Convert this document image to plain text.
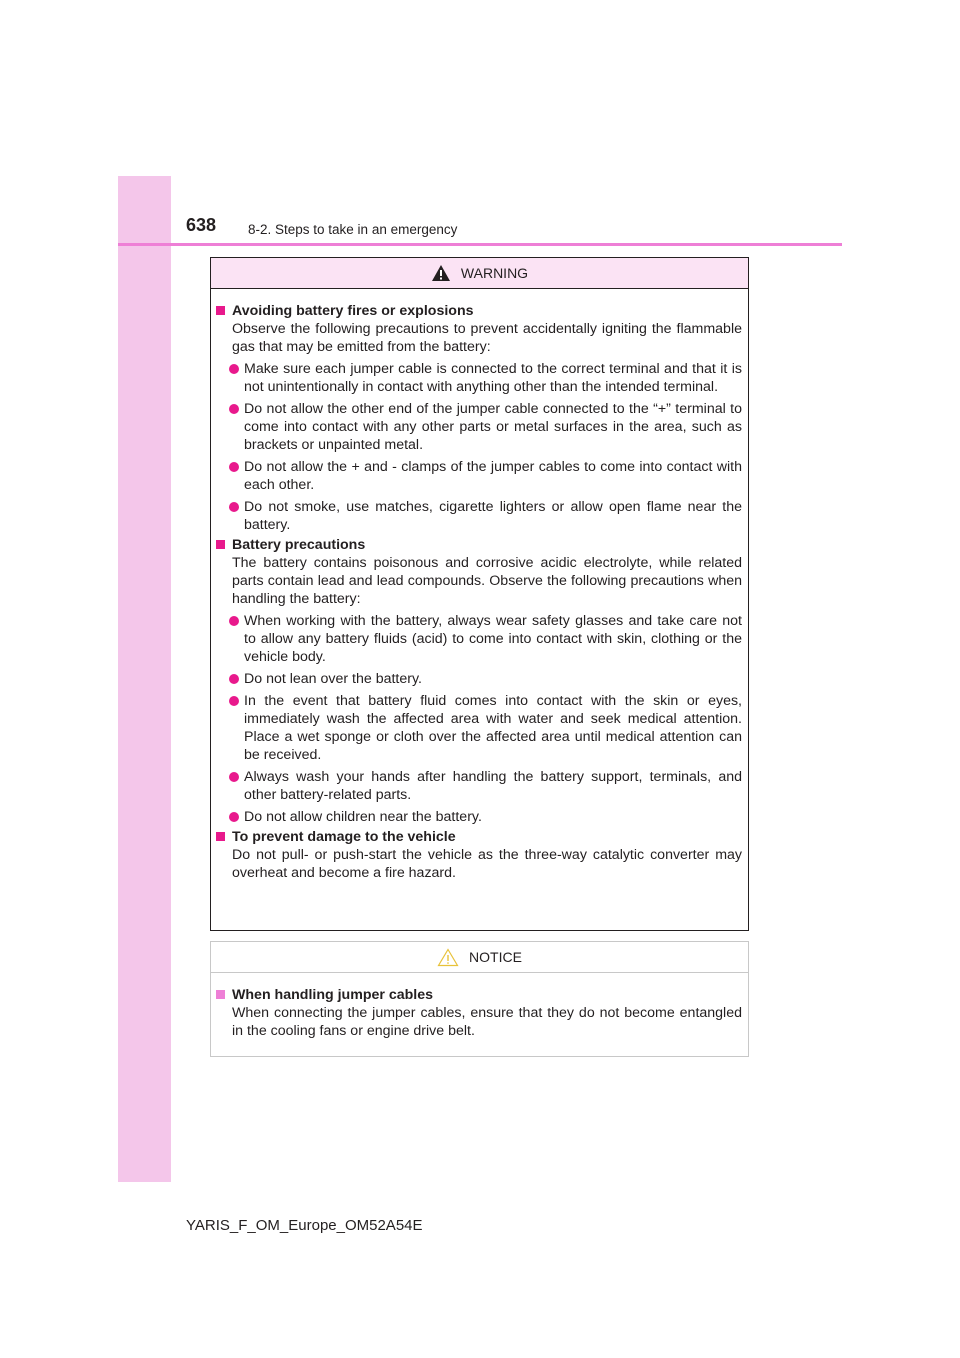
638 8-2. Steps to take in an emergency
WARNING
Avoiding battery fires or explosions
Observe the following precautions to prevent accidentally igniting the flammable gas that may be emitted from the battery:
Make sure each jumper cable is connected to the correct terminal and that it is not unintentionally in contact with anything other than the intended terminal.
Do not allow the other end of the jumper cable connected to the “+” terminal to come into contact with any other parts or metal surfaces in the area, such as brackets or unpainted metal.
Do not allow the + and - clamps of the jumper cables to come into contact with each other.
Do not smoke, use matches, cigarette lighters or allow open flame near the battery.
Battery precautions
The battery contains poisonous and corrosive acidic electrolyte, while related parts contain lead and lead compounds. Observe the following precautions when handling the battery:
When working with the battery, always wear safety glasses and take care not to allow any battery fluids (acid) to come into contact with skin, clothing or the vehicle body.
Do not lean over the battery.
In the event that battery fluid comes into contact with the skin or eyes, immediately wash the affected area with water and seek medical attention. Place a wet sponge or cloth over the affected area until medical attention can be received.
Always wash your hands after handling the battery support, terminals, and other battery-related parts.
Do not allow children near the battery.
To prevent damage to the vehicle
Do not pull- or push-start the vehicle as the three-way catalytic converter may overheat and become a fire hazard.
NOTICE
When handling jumper cables
When connecting the jumper cables, ensure that they do not become entangled in the cooling fans or engine drive belt.
YARIS_F_OM_Europe_OM52A54E
